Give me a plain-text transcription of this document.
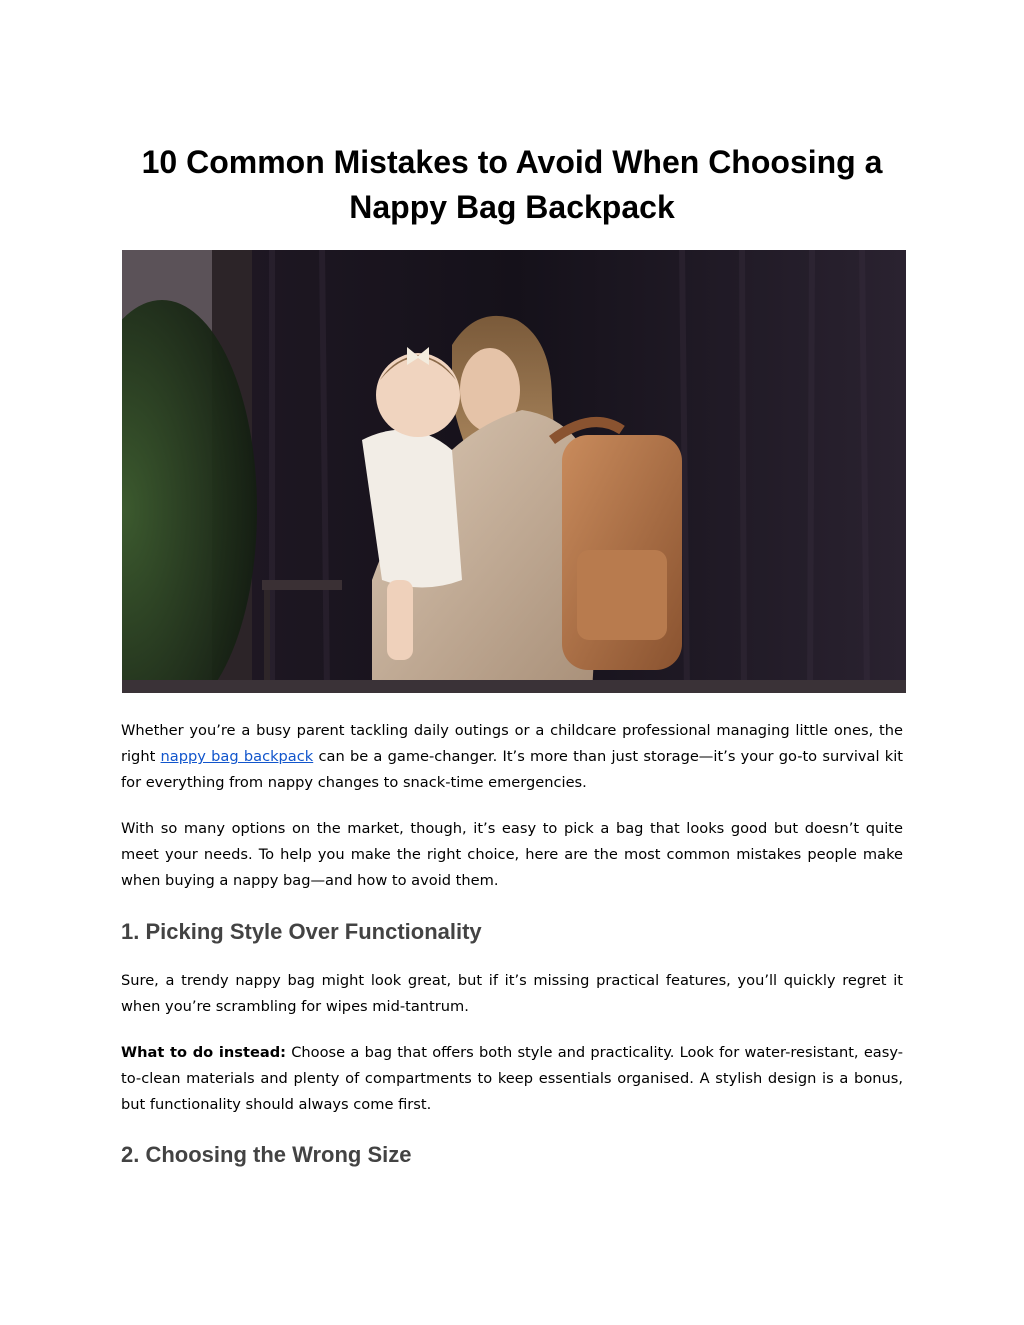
10 Common Mistakes to Avoid When Choosing a Nappy Bag Backpack

Whether you’re a busy parent tackling daily outings or a childcare professional managing little ones, the right nappy bag backpack can be a game-changer. It’s more than just storage—it’s your go-to survival kit for everything from nappy changes to snack-time emergencies.

With so many options on the market, though, it’s easy to pick a bag that looks good but doesn’t quite meet your needs. To help you make the right choice, here are the most common mistakes people make when buying a nappy bag—and how to avoid them.

1. Picking Style Over Functionality

Sure, a trendy nappy bag might look great, but if it’s missing practical features, you’ll quickly regret it when you’re scrambling for wipes mid-tantrum.

What to do instead: Choose a bag that offers both style and practicality. Look for water-resistant, easy-to-clean materials and plenty of compartments to keep essentials organised. A stylish design is a bonus, but functionality should always come first.

2. Choosing the Wrong Size
